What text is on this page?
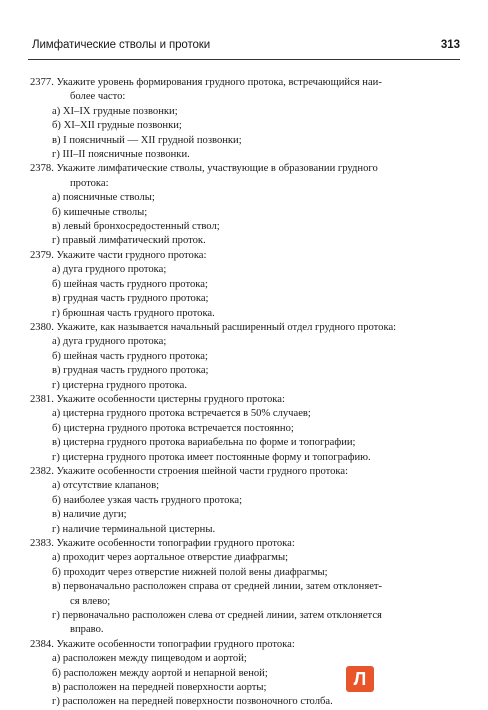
Лимфатические стволы и протоки	313
2377. Укажите уровень формирования грудного протока, встречающийся наи-
более часто:
а) XI–IX грудные позвонки;
б) XI–XII грудные позвонки;
в) I поясничный — XII грудной позвонки;
г) III–II поясничные позвонки.
2378. Укажите лимфатические стволы, участвующие в образовании грудного
протока:
а) поясничные стволы;
б) кишечные стволы;
в) левый бронхосредостенный ствол;
г) правый лимфатический проток.
2379. Укажите части грудного протока:
а) дуга грудного протока;
б) шейная часть грудного протока;
в) грудная часть грудного протока;
г) брюшная часть грудного протока.
2380. Укажите, как называется начальный расширенный отдел грудного протока:
а) дуга грудного протока;
б) шейная часть грудного протока;
в) грудная часть грудного протока;
г) цистерна грудного протока.
2381. Укажите особенности цистерны грудного протока:
а) цистерна грудного протока встречается в 50% случаев;
б) цистерна грудного протока встречается постоянно;
в) цистерна грудного протока вариабельна по форме и топографии;
г) цистерна грудного протока имеет постоянные форму и топографию.
2382. Укажите особенности строения шейной части грудного протока:
а) отсутствие клапанов;
б) наиболее узкая часть грудного протока;
в) наличие дуги;
г) наличие терминальной цистерны.
2383. Укажите особенности топографии грудного протока:
а) проходит через аортальное отверстие диафрагмы;
б) проходит через отверстие нижней полой вены диафрагмы;
в) первоначально расположен справа от средней линии, затем отклоняет-
ся влево;
г) первоначально расположен слева от средней линии, затем отклоняется
вправо.
2384. Укажите особенности топографии грудного протока:
а) расположен между пищеводом и аортой;
б) расположен между аортой и непарной веной;
в) расположен на передней поверхности аорты;
г) расположен на передней поверхности позвоночного столба.
Л
